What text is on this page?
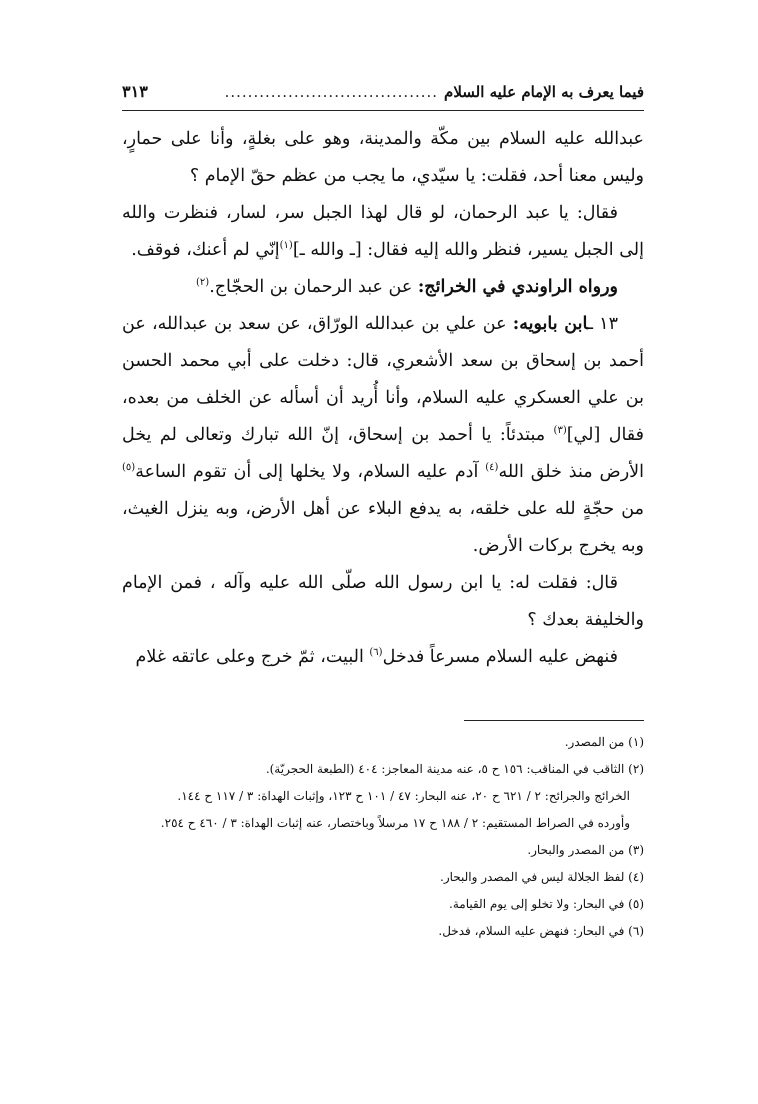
فيما يعرف به الإمام عليه السلام
.....................................
٣١٣

عبدالله عليه السلام بين مكّة والمدينة، وهو على بغلةٍ، وأنا على حمارٍ، وليس معنا أحد، فقلت: يا سيّدي، ما يجب من عظم حقّ الإمام ؟

فقال: يا عبد الرحمان، لو قال لهذا الجبل سر، لسار، فنظرت والله إلى الجبل يسير، فنظر والله إليه فقال: [ـ والله ـ]$^{(١)}$إنّي لم أعنك، فوقف.

ورواه الراوندي في الخرائج: عن عبد الرحمان بن الحجّاج.$^{(٢)}$

١٣ ـابن بابويه: عن علي بن عبدالله الورّاق، عن سعد بن عبدالله، عن أحمد بن إسحاق بن سعد الأشعري، قال: دخلت على أبي محمد الحسن بن علي العسكري عليه السلام، وأنا أُريد أن أسأله عن الخلف من بعده، فقال [لي]$^{(٣)}$ مبتدئاً: يا أحمد بن إسحاق، إنّ الله تبارك وتعالى لم يخل الأرض منذ خلق الله$^{(٤)}$ آدم عليه السلام، ولا يخلها إلى أن تقوم الساعة$^{(٥)}$ من حجّةٍ لله على خلقه، به يدفع البلاء عن أهل الأرض، وبه ينزل الغيث، وبه يخرج بركات الأرض.

قال: فقلت له: يا ابن رسول الله صلّى الله عليه وآله ، فمن الإمام والخليفة بعدك ؟

فنهض عليه السلام مسرعاً فدخل$^{(٦)}$ البيت، ثمّ خرج وعلى عاتقه غلام

(١) من المصدر.
(٢) الثاقب في المناقب: ١٥٦ ح ٥، عنه مدينة المعاجز: ٤٠٤ (الطبعة الحجريّة).
الخرائج والجرائح: ٢ / ٦٢١ ح ٢٠، عنه البحار: ٤٧ / ١٠١ ح ١٢٣، وإثبات الهداة: ٣ / ١١٧ ح ١٤٤.
وأورده في الصراط المستقيم: ٢ / ١٨٨ ح ١٧ مرسلاً وباختصار، عنه إثبات الهداة: ٣ / ٤٦٠ ح ٢٥٤.
(٣) من المصدر والبحار.
(٤) لفظ الجلالة ليس في المصدر والبحار.
(٥) في البحار: ولا تخلو إلى يوم القيامة.
(٦) في البحار: فنهض عليه السلام، فدخل.
